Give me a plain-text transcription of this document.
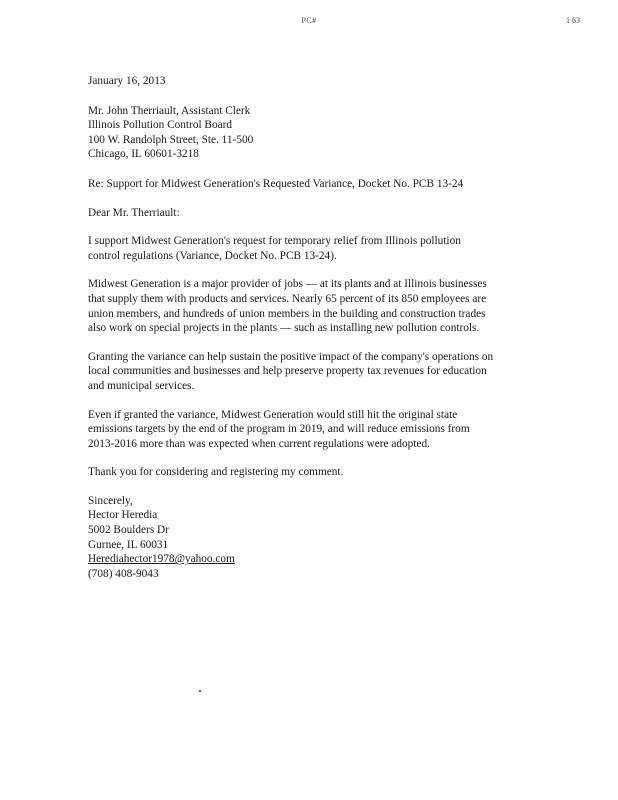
PC#	1 63
January 16, 2013
Mr. John Therriault, Assistant Clerk
Illinois Pollution Control Board
100 W. Randolph Street, Ste. 11-500
Chicago, IL 60601-3218
Re: Support for Midwest Generation's Requested Variance, Docket No. PCB 13-24
Dear Mr. Therriault:
I support Midwest Generation's request for temporary relief from Illinois pollution
control regulations (Variance, Docket No. PCB 13-24).
Midwest Generation is a major provider of jobs — at its plants and at Illinois businesses
that supply them with products and services. Nearly 65 percent of its 850 employees are
union members, and hundreds of union members in the building and construction trades
also work on special projects in the plants — such as installing new pollution controls.
Granting the variance can help sustain the positive impact of the company's operations on
local communities and businesses and help preserve property tax revenues for education
and municipal services.
Even if granted the variance, Midwest Generation would still hit the original state
emissions targets by the end of the program in 2019, and will reduce emissions from
2013-2016 more than was expected when current regulations were adopted.
Thank you for considering and registering my comment.
Sincerely,
Hector Heredia
5002 Boulders Dr
Gurnee, IL 60031
Herediahector1978@yahoo.com
(708) 408-9043
